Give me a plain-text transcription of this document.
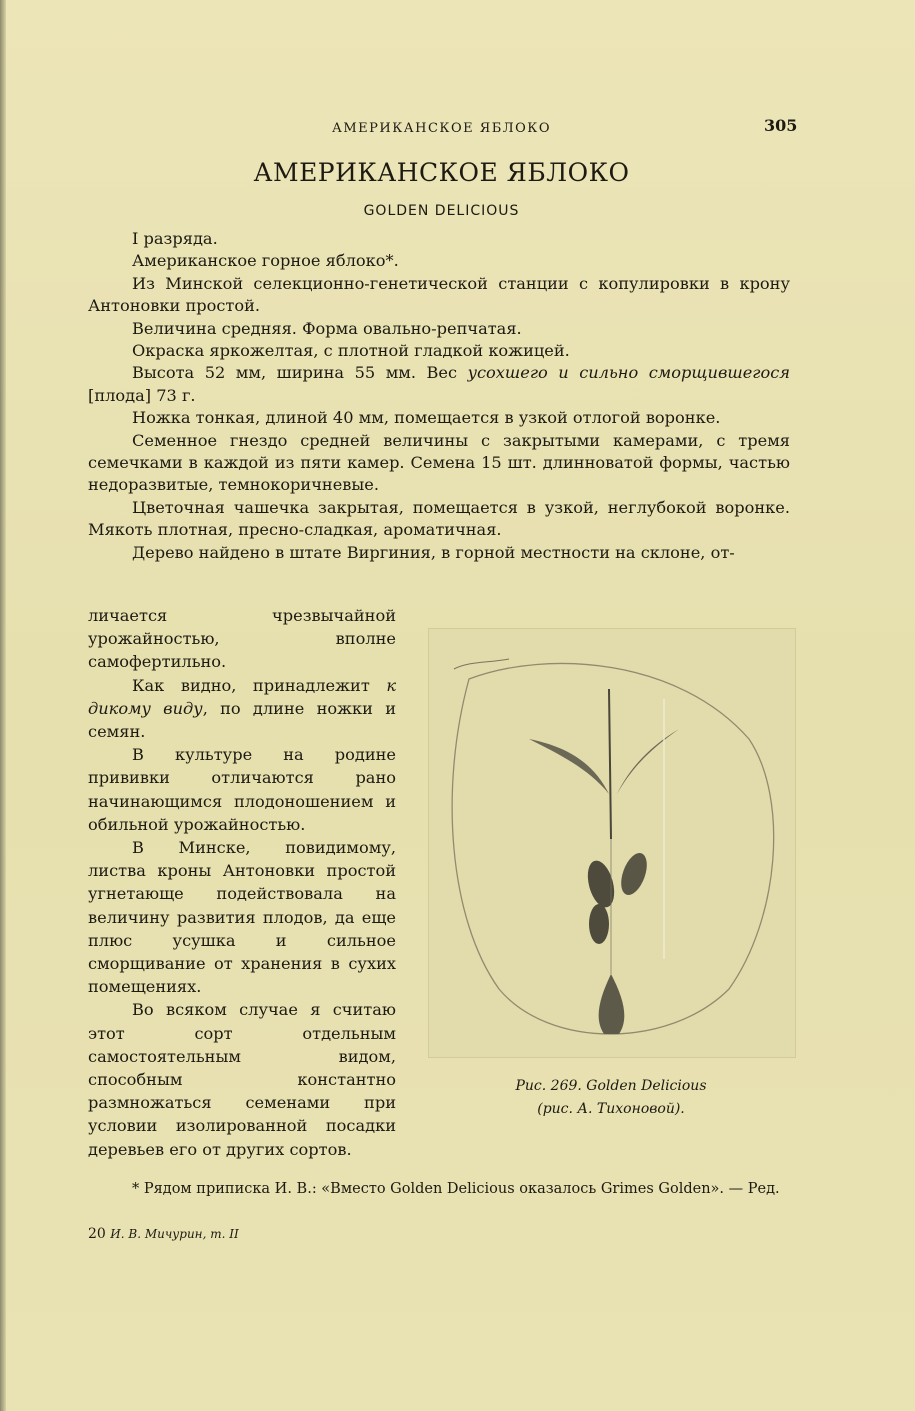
АМЕРИКАНСКОЕ ЯБЛОКО	305
АМЕРИКАНСКОЕ ЯБЛОКО
GOLDEN DELICIOUS

I разряда.

Американское горное яблоко*.

Из Минской селекционно-генетической станции с копулировки в крону Антоновки простой.

Величина средняя. Форма овально-репчатая.

Окраска яркожелтая, с плотной гладкой кожицей.

Высота 52 мм, ширина 55 мм. Вес усохшего и сильно сморщившегося [плода] 73 г.

Ножка тонкая, длиной 40 мм, помещается в узкой отлогой воронке.

Семенное гнездо средней величины с закрытыми камерами, с тремя семечками в каждой из пяти камер. Семена 15 шт. длинноватой формы, частью недоразвитые, темнокоричневые.

Цветочная чашечка закрытая, помещается в узкой, неглубокой воронке. Мякоть плотная, пресно-сладкая, ароматичная.

Дерево найдено в штате Виргиния, в горной местности на склоне, от-

личается чрезвычайной урожайностью, вполне самофертильно.

Как видно, принадлежит к дикому виду, по длине ножки и семян.

В культуре на родине прививки отличаются рано начинающимся плодоношением и обильной урожайностью.

В Минске, повидимому, листва кроны Антоновки простой угнетающе подействовала на величину развития плодов, да еще плюс усушка и сильное сморщивание от хранения в сухих помещениях.

Во всяком случае я считаю этот сорт отдельным самостоятельным видом, способным константно размножаться семенами при условии изолированной посадки деревьев его от других сортов.

Рис. 269. Golden Delicious
(рис. А. Тихоновой).
* Рядом приписка И. В.: «Вместо Golden Delicious оказалось Grimes Golden». — Ред.
20 И. В. Мичурин, т. II
